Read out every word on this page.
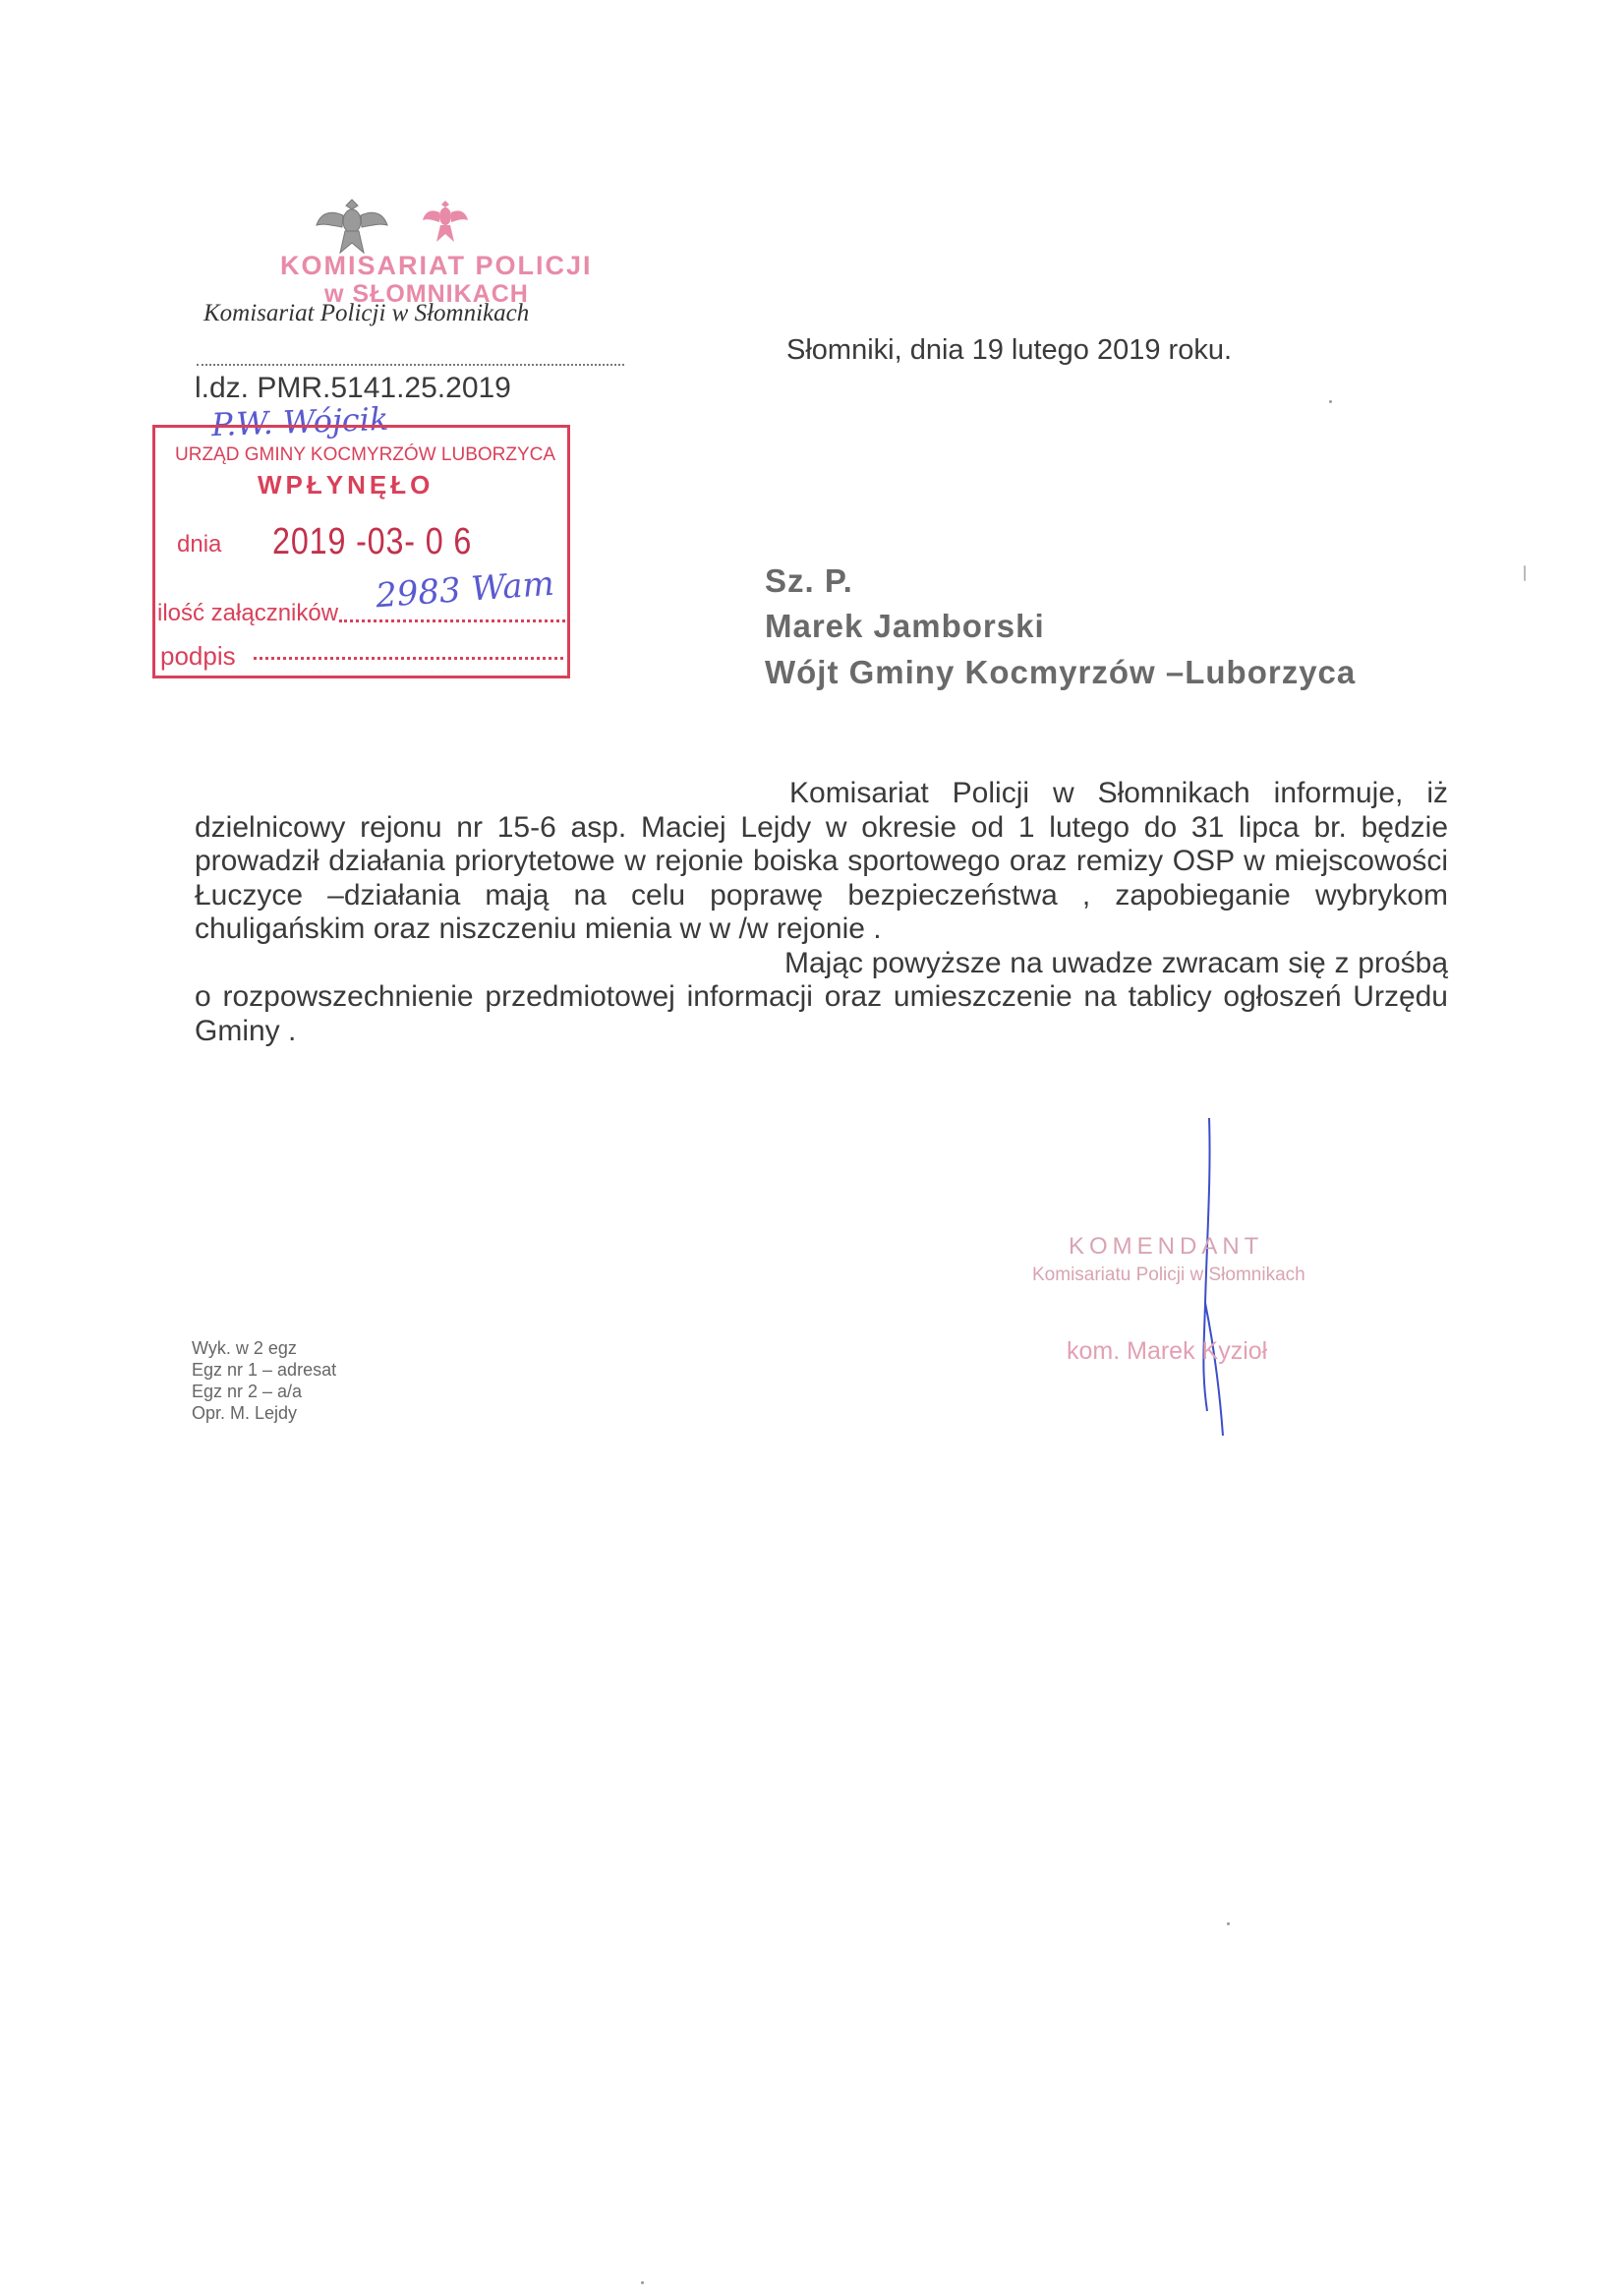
KOMISARIAT POLICJI
w SŁOMNIKACH
Komisariat Policji w Słomnikach
l.dz. PMR.5141.25.2019
Słomniki, dnia 19 lutego 2019 roku.
P.W. Wójcik
URZĄD GMINY KOCMYRZÓW LUBORZYCA
WPŁYNĘŁO
dnia 2019 -03- 0 6
ilość załączników 2983 Wam
podpis
Sz. P.
Marek Jamborski
Wójt Gminy Kocmyrzów –Luborzyca

Komisariat Policji w Słomnikach informuje, iż dzielnicowy rejonu nr 15-6 asp. Maciej Lejdy w okresie od 1 lutego do 31 lipca br. będzie prowadził działania priorytetowe w rejonie boiska sportowego oraz remizy OSP w miejscowości Łuczyce –działania mają na celu poprawę bezpieczeństwa , zapobieganie wybrykom chuligańskim oraz niszczeniu mienia w w /w rejonie .

Mając powyższe na uwadze zwracam się z prośbą o rozpowszechnienie przedmiotowej informacji oraz umieszczenie na tablicy ogłoszeń Urzędu Gminy .

KOMENDANT
Komisariatu Policji w Słomnikach
kom. Marek Kyzioł
Wyk. w 2 egz
Egz nr 1 – adresat
Egz nr 2 – a/a
Opr. M. Lejdy
